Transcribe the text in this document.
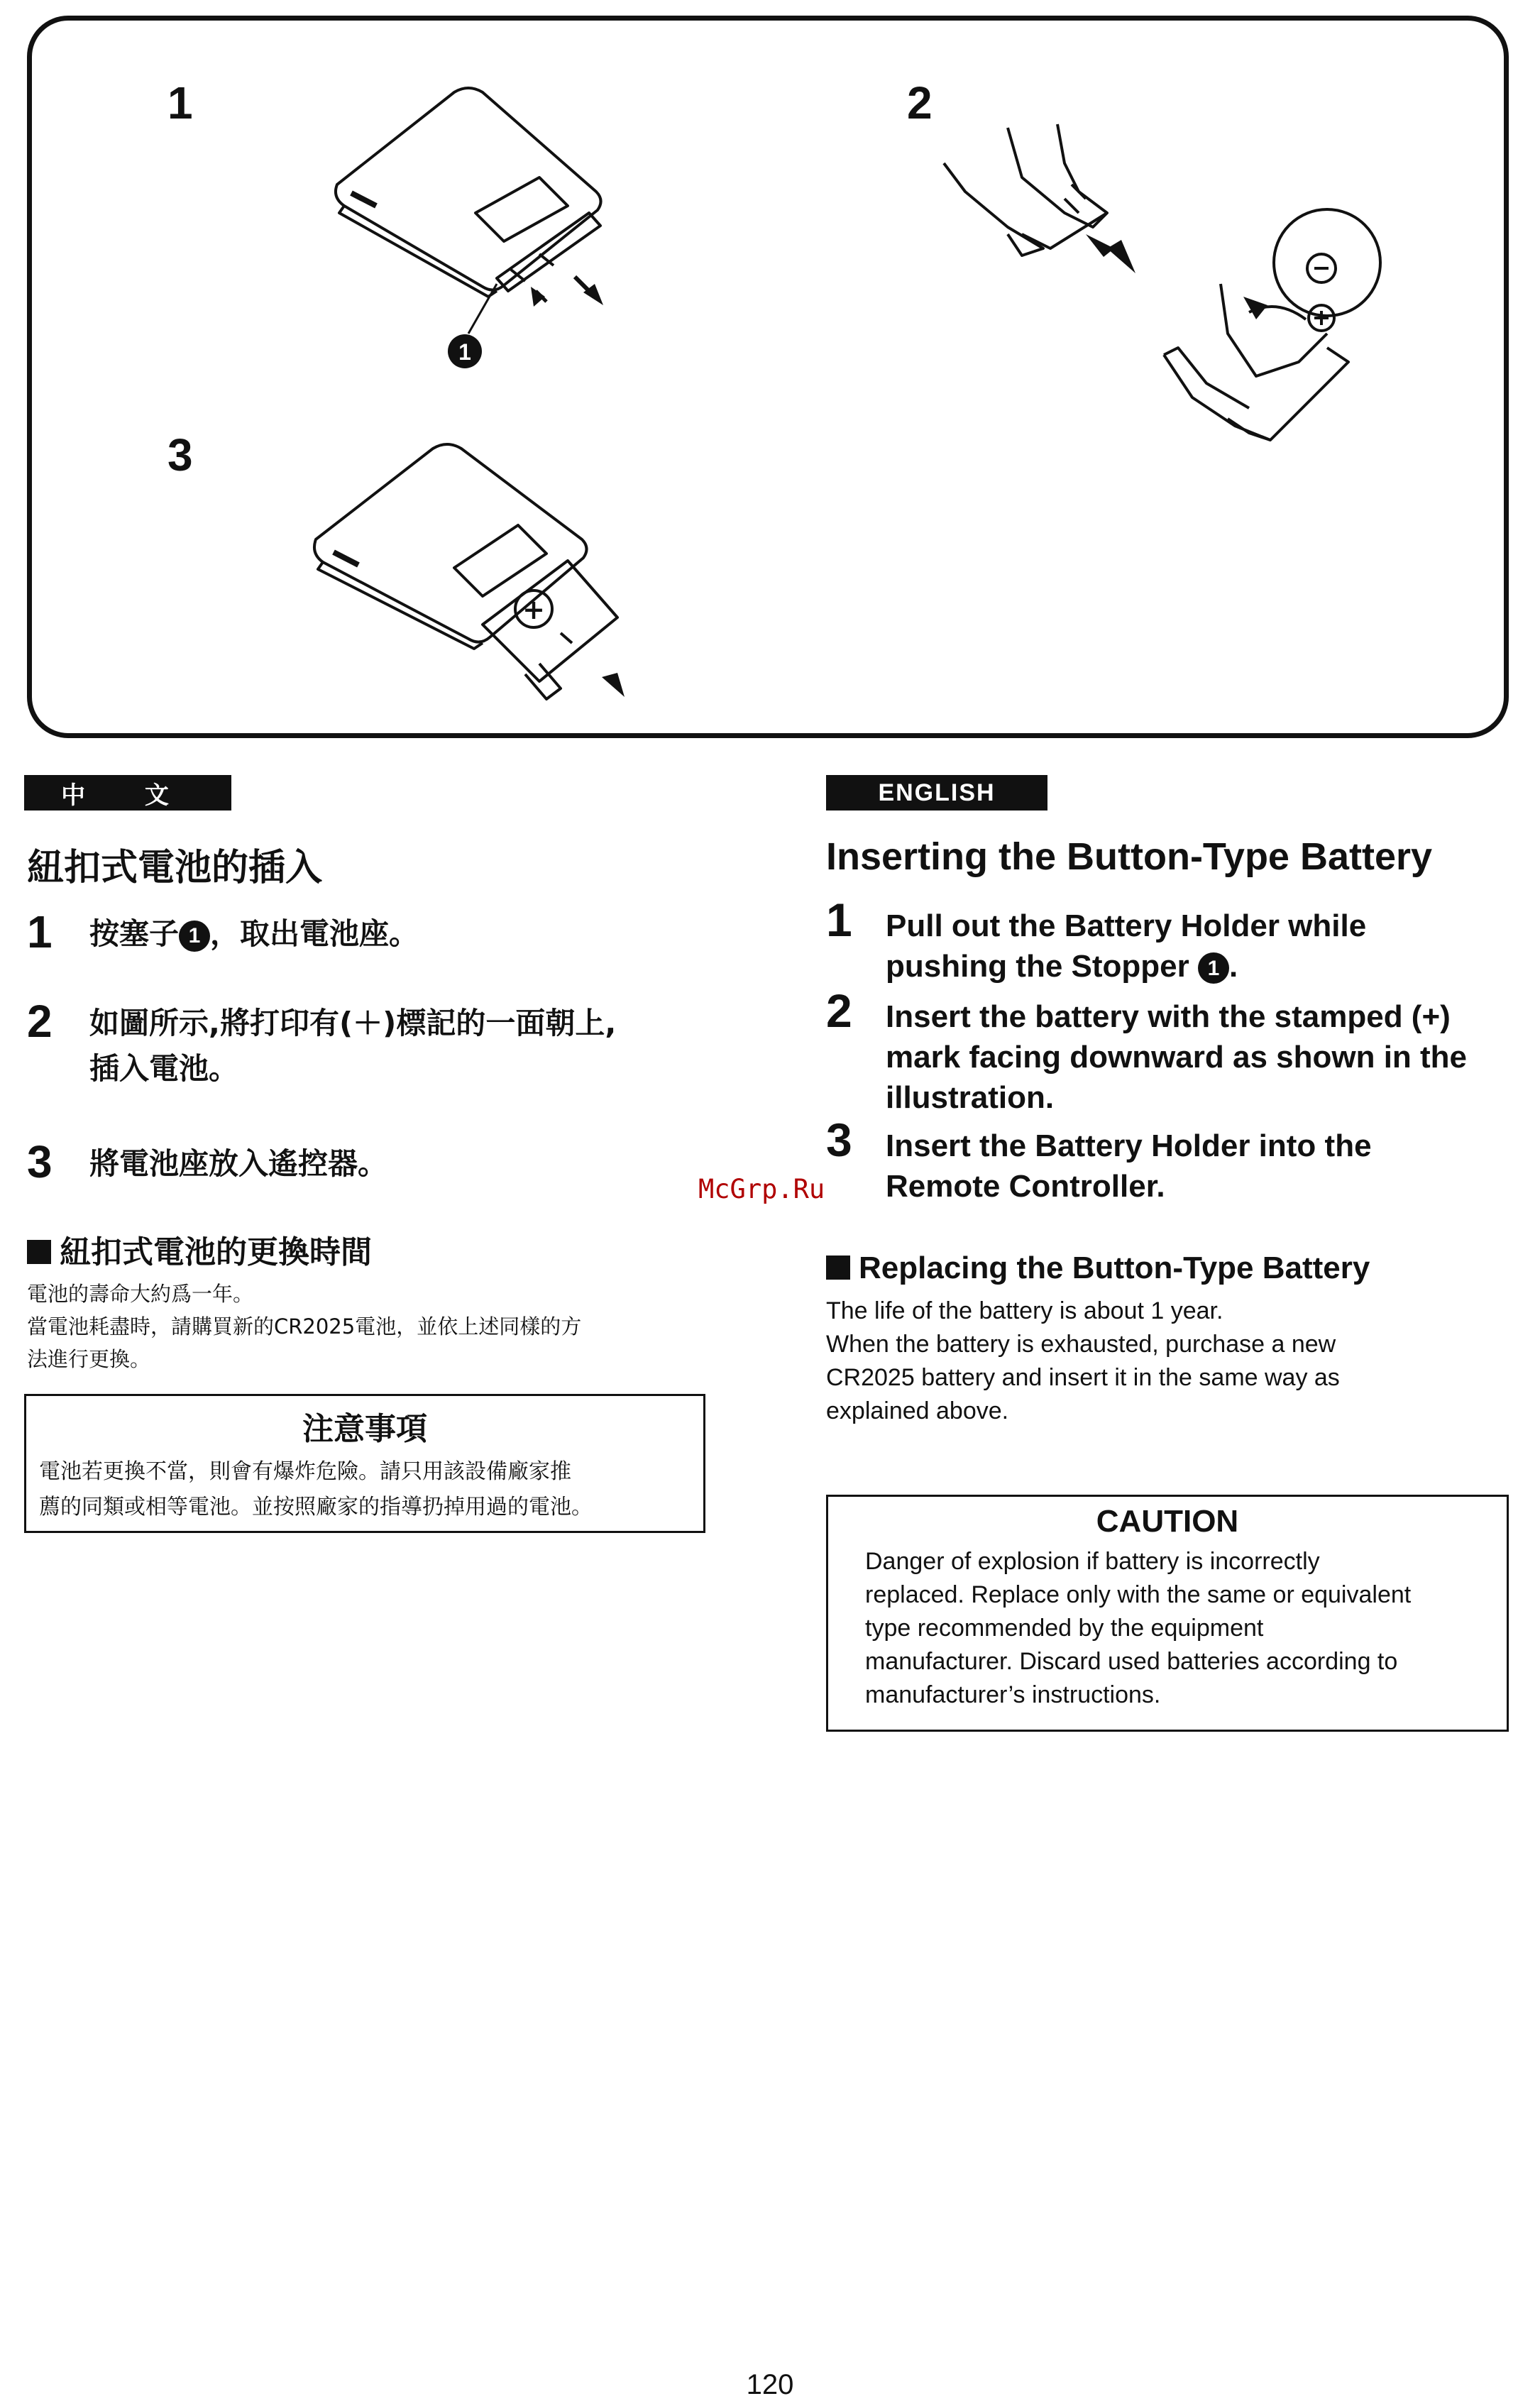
1
⊖
+
1	2
3
中 文
紐扣式電池的插入
1 按塞子 1 ，取出電池座。
2 如圖所示,將打印有(＋)標記的一面朝上,
插入電池。
3 將電池座放入遙控器。
紐扣式電池的更換時間
電池的壽命大約爲一年。
當電池耗盡時，請購買新的CR2025電池，並依上述同樣的方
法進行更換。
注意事項
電池若更換不當，則會有爆炸危險。請只用該設備廠家推
薦的同類或相等電池。並按照廠家的指導扔掉用過的電池。
ENGLISH
Inserting the Button-Type Battery
1 Pull out the Battery Holder while
pushing the Stopper 1 .
2 Insert the battery with the stamped (+)
mark facing downward as shown in the
illustration.
3 Insert the Battery Holder into the
Remote Controller.
Replacing the Button-Type Battery
The life of the battery is about 1 year.
When the battery is exhausted, purchase a new
CR2025 battery and insert it in the same way as
explained above.
CAUTION
Danger of explosion if battery is incorrectly
replaced. Replace only with the same or equivalent
type recommended by the equipment
manufacturer. Discard used batteries according to
manufacturer’s instructions.
McGrp.Ru
120
